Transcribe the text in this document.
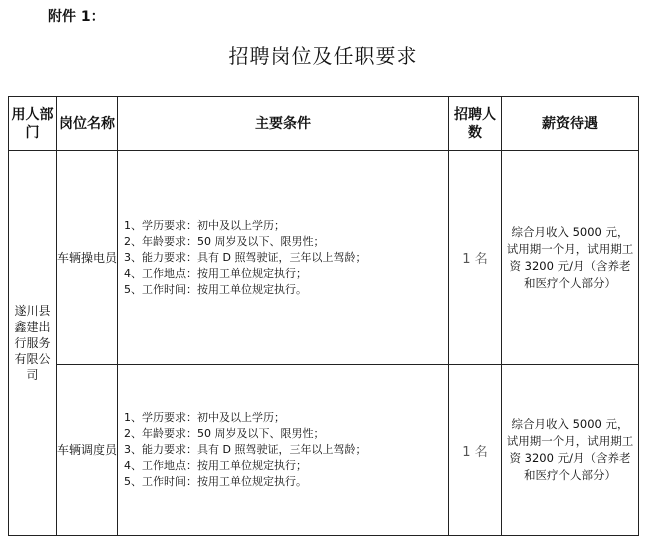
附件 1：
招聘岗位及任职要求
用人部门	岗位名称	主要条件	招聘人数	薪资待遇
遂川县鑫建出行服务有限公司	车辆操电员	1、学历要求：初中及以上学历；
2、年龄要求：50 周岁及以下、限男性；
3、能力要求：具有 D 照驾驶证，三年以上驾龄；
4、工作地点：按用工单位规定执行；
5、工作时间：按用工单位规定执行。	1 名	综合月收入 5000 元，试用期一个月，试用期工资 3200 元/月（含养老和医疗个人部分）
	车辆调度员	1、学历要求：初中及以上学历；
2、年龄要求：50 周岁及以下、限男性；
3、能力要求：具有 D 照驾驶证，三年以上驾龄；
4、工作地点：按用工单位规定执行；
5、工作时间：按用工单位规定执行。	1 名	综合月收入 5000 元，试用期一个月，试用期工资 3200 元/月（含养老和医疗个人部分）
